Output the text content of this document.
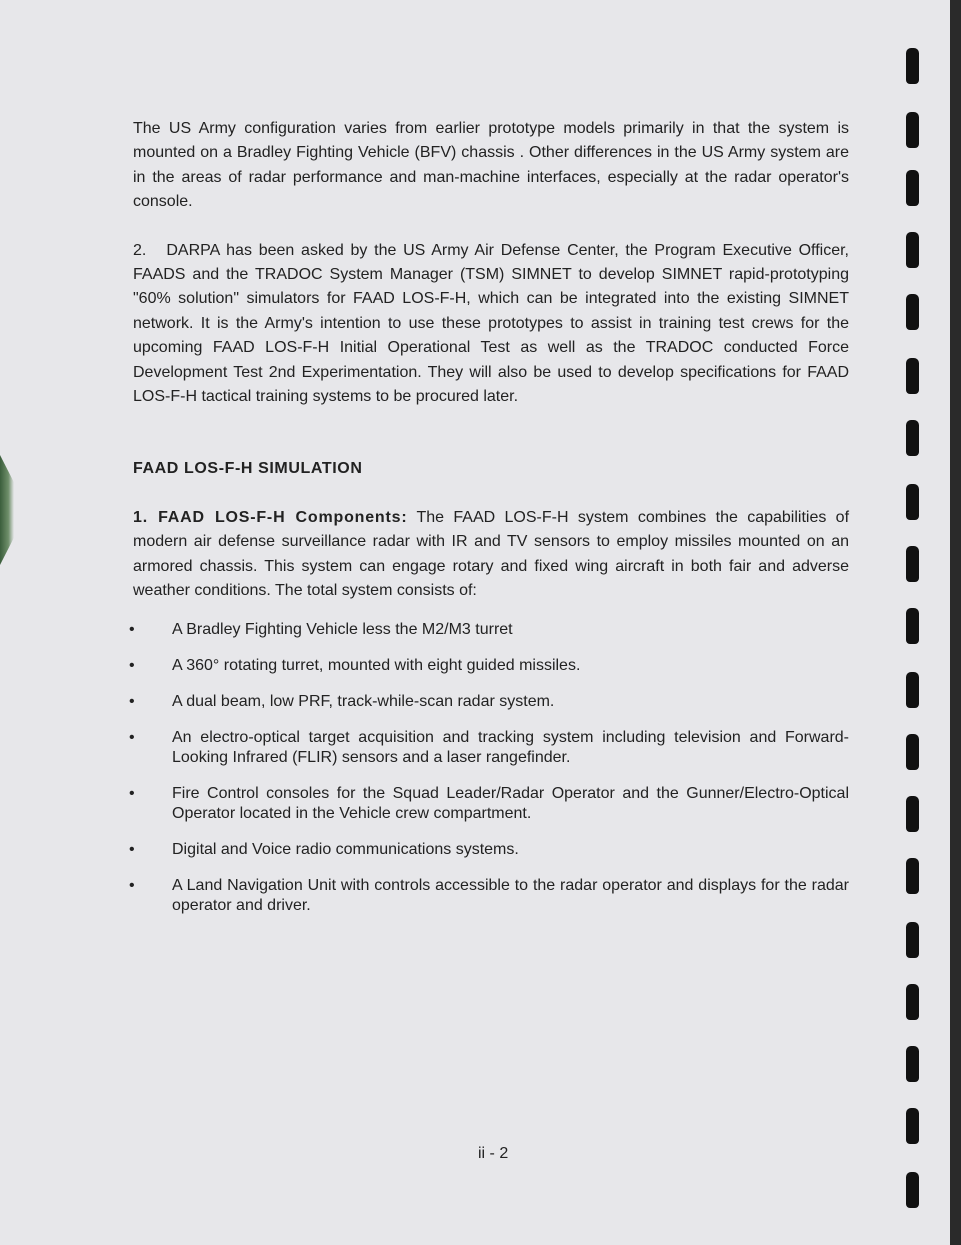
The US Army configuration varies from earlier prototype models primarily in that the system is mounted on a Bradley Fighting Vehicle (BFV) chassis . Other differences in the US Army system are in the areas of radar performance and man-machine interfaces, especially at the radar operator's console.

2. DARPA has been asked by the US Army Air Defense Center, the Program Executive Officer, FAADS and the TRADOC System Manager (TSM) SIMNET to develop SIMNET rapid-prototyping "60% solution" simulators for FAAD LOS-F-H, which can be integrated into the existing SIMNET network. It is the Army's intention to use these prototypes to assist in training test crews for the upcoming FAAD LOS-F-H Initial Operational Test as well as the TRADOC conducted Force Development Test 2nd Experimentation. They will also be used to develop specifications for FAAD LOS-F-H tactical training systems to be procured later.

FAAD LOS-F-H SIMULATION

1. FAAD LOS-F-H Components: The FAAD LOS-F-H system combines the capabilities of modern air defense surveillance radar with IR and TV sensors to employ missiles mounted on an armored chassis. This system can engage rotary and fixed wing aircraft in both fair and adverse weather conditions. The total system consists of:

• A Bradley Fighting Vehicle less the M2/M3 turret
• A 360° rotating turret, mounted with eight guided missiles.
• A dual beam, low PRF, track-while-scan radar system.
• An electro-optical target acquisition and tracking system including television and Forward-Looking Infrared (FLIR) sensors and a laser rangefinder.
• Fire Control consoles for the Squad Leader/Radar Operator and the Gunner/Electro-Optical Operator located in the Vehicle crew compartment.
• Digital and Voice radio communications systems.
• A Land Navigation Unit with controls accessible to the radar operator and displays for the radar operator and driver.
ii - 2
